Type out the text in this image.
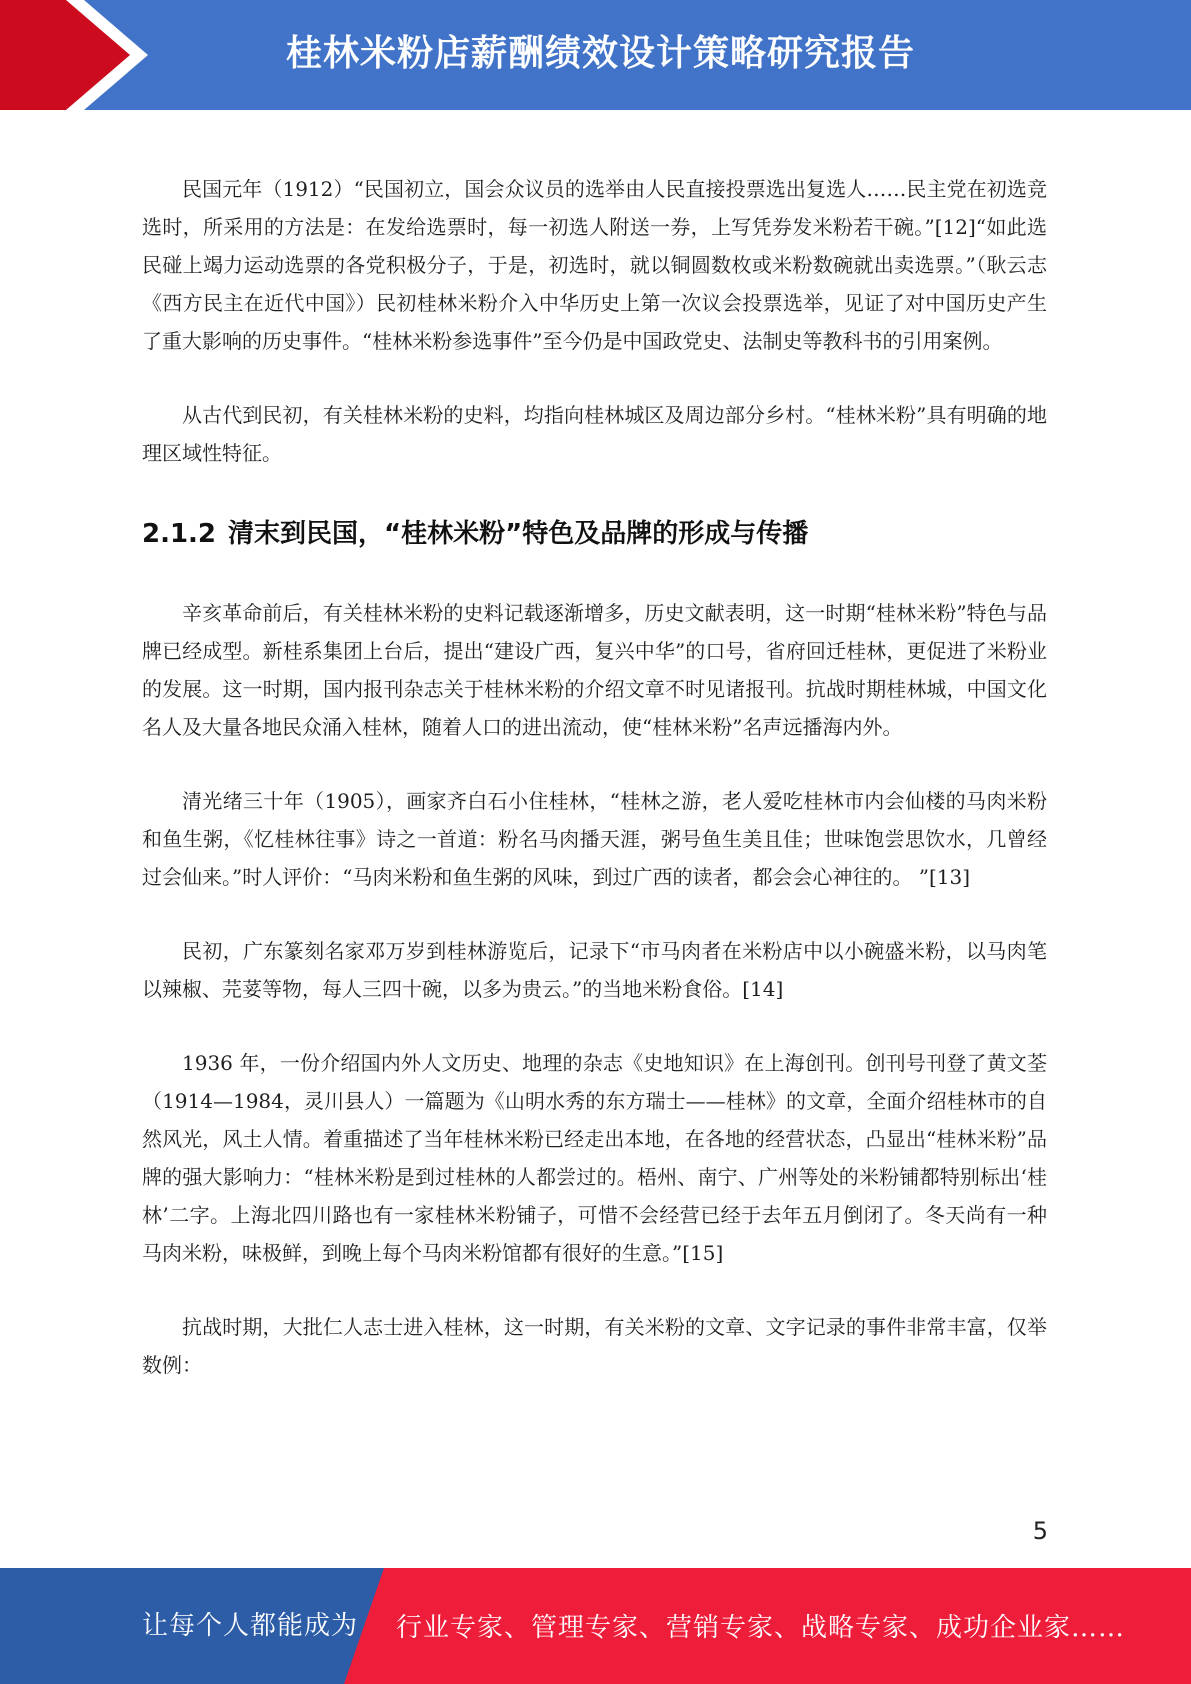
桂林米粉店薪酬绩效设计策略研究报告

民国元年（1912）“民国初立，国会众议员的选举由人民直接投票选出复选人……民主党在初选竞选时，所采用的方法是：在发给选票时，每一初选人附送一券，上写凭券发米粉若干碗。”[12]“如此选民碰上竭力运动选票的各党积极分子，于是，初选时，就以铜圆数枚或米粉数碗就出卖选票。”（耿云志《西方民主在近代中国》）民初桂林米粉介入中华历史上第一次议会投票选举，见证了对中国历史产生了重大影响的历史事件。“桂林米粉参选事件”至今仍是中国政党史、法制史等教科书的引用案例。

从古代到民初，有关桂林米粉的史料，均指向桂林城区及周边部分乡村。“桂林米粉”具有明确的地理区域性特征。

2.1.2 清末到民国，“桂林米粉”特色及品牌的形成与传播

辛亥革命前后，有关桂林米粉的史料记载逐渐增多，历史文献表明，这一时期“桂林米粉”特色与品牌已经成型。新桂系集团上台后，提出“建设广西，复兴中华”的口号，省府回迁桂林，更促进了米粉业的发展。这一时期，国内报刊杂志关于桂林米粉的介绍文章不时见诸报刊。抗战时期桂林城，中国文化名人及大量各地民众涌入桂林，随着人口的进出流动，使“桂林米粉”名声远播海内外。

清光绪三十年（1905），画家齐白石小住桂林，“桂林之游，老人爱吃桂林市内会仙楼的马肉米粉和鱼生粥，《忆桂林往事》诗之一首道：粉名马肉播天涯，粥号鱼生美且佳；世味饱尝思饮水，几曾经过会仙来。”时人评价：“马肉米粉和鱼生粥的风味，到过广西的读者，都会会心神往的。 ”[13]

民初，广东篆刻名家邓万岁到桂林游览后，记录下“市马肉者在米粉店中以小碗盛米粉，以马肉笔以辣椒、芫荽等物，每人三四十碗，以多为贵云。”的当地米粉食俗。[14]

1936 年，一份介绍国内外人文历史、地理的杂志《史地知识》在上海创刊。创刊号刊登了黄文荃（1914—1984，灵川县人）一篇题为《山明水秀的东方瑞士——桂林》的文章，全面介绍桂林市的自然风光，风土人情。着重描述了当年桂林米粉已经走出本地，在各地的经营状态，凸显出“桂林米粉”品牌的强大影响力：“桂林米粉是到过桂林的人都尝过的。梧州、南宁、广州等处的米粉铺都特别标出‘桂林’二字。上海北四川路也有一家桂林米粉铺子，可惜不会经营已经于去年五月倒闭了。冬天尚有一种马肉米粉，味极鲜，到晚上每个马肉米粉馆都有很好的生意。”[15]

抗战时期，大批仁人志士进入桂林，这一时期，有关米粉的文章、文字记录的事件非常丰富，仅举数例：

5
让每个人都能成为 行业专家、管理专家、营销专家、战略专家、成功企业家……
